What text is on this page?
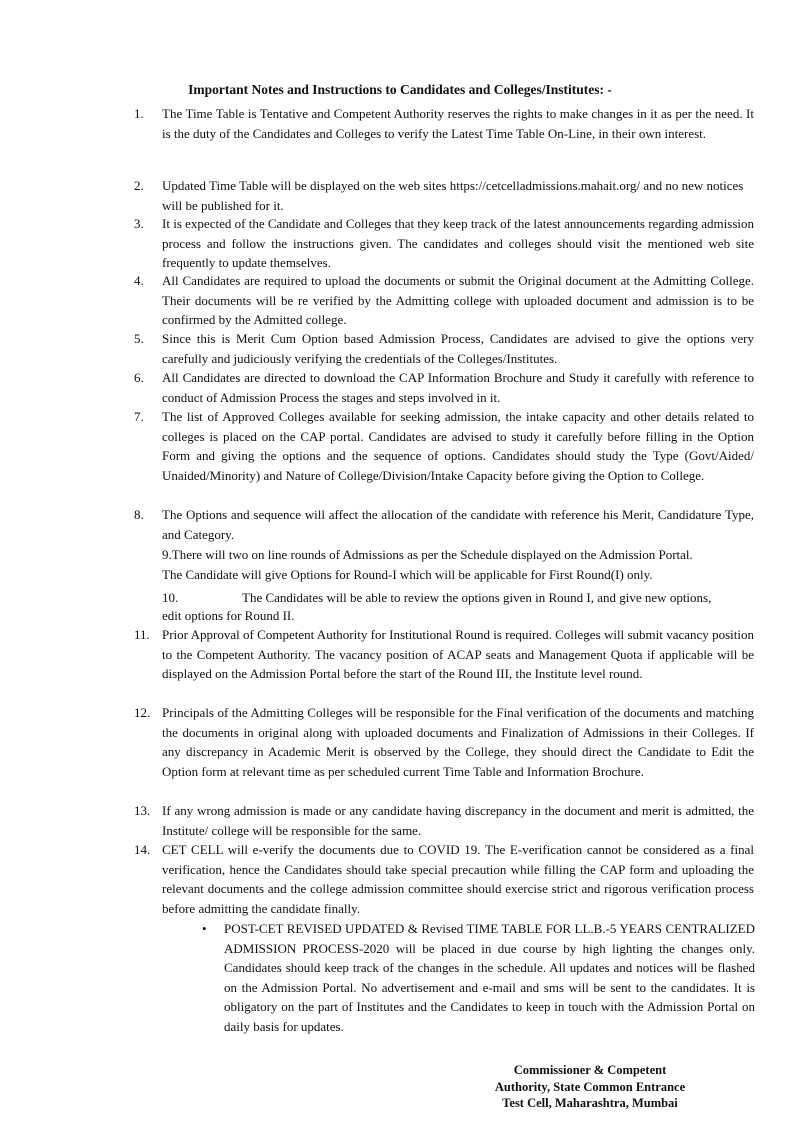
Important Notes and Instructions to Candidates and Colleges/Institutes: -
1.	The Time Table is Tentative and Competent Authority reserves the rights to make changes in it as per the need. It is the duty of the Candidates and Colleges to verify the Latest Time Table On-Line, in their own interest.
2.	Updated Time Table will be displayed on the web sites https://cetcelladmissions.mahait.org/ and no new notices will be published for it.
3.	It is expected of the Candidate and Colleges that they keep track of the latest announcements regarding admission process and follow the instructions given. The candidates and colleges should visit the mentioned web site frequently to update themselves.
4.	All Candidates are required to upload the documents or submit the Original document at the Admitting College. Their documents will be re verified by the Admitting college with uploaded document and admission is to be confirmed by the Admitted college.
5.	Since this is Merit Cum Option based Admission Process, Candidates are advised to give the options very carefully and judiciously verifying the credentials of the Colleges/Institutes.
6.	All Candidates are directed to download the CAP Information Brochure and Study it carefully with reference to conduct of Admission Process the stages and steps involved in it.
7.	The list of Approved Colleges available for seeking admission, the intake capacity and other details related to colleges is placed on the CAP portal. Candidates are advised to study it carefully before filling in the Option Form and giving the options and the sequence of options. Candidates should study the Type (Govt/Aided/ Unaided/Minority) and Nature of College/Division/Intake Capacity before giving the Option to College.
8.	The Options and sequence will affect the allocation of the candidate with reference his Merit, Candidature Type, and Category.
9.There will two on line rounds of Admissions as per the Schedule displayed on the Admission Portal.
The Candidate will give Options for Round-I which will be applicable for First Round(I) only.
10.	The Candidates will be able to review the options given in Round I, and give new options,
edit options for Round II.
11. Prior Approval of Competent Authority for Institutional Round is required. Colleges will submit vacancy position to the Competent Authority. The vacancy position of ACAP seats and Management Quota if applicable will be displayed on the Admission Portal before the start of the Round III, the Institute level round.
12. Principals of the Admitting Colleges will be responsible for the Final verification of the documents and matching the documents in original along with uploaded documents and Finalization of Admissions in their Colleges. If any discrepancy in Academic Merit is observed by the College, they should direct the Candidate to Edit the Option form at relevant time as per scheduled current Time Table and Information Brochure.
13. If any wrong admission is made or any candidate having discrepancy in the document and merit is admitted, the Institute/ college will be responsible for the same.
14. CET CELL will e-verify the documents due to COVID 19. The E-verification cannot be considered as a final verification, hence the Candidates should take special precaution while filling the CAP form and uploading the relevant documents and the college admission committee should exercise strict and rigorous verification process before admitting the candidate finally.
• POST-CET REVISED UPDATED & Revised TIME TABLE FOR LL.B.-5 YEARS CENTRALIZED ADMISSION PROCESS-2020 will be placed in due course by high lighting the changes only. Candidates should keep track of the changes in the schedule. All updates and notices will be flashed on the Admission Portal. No advertisement and e-mail and sms will be sent to the candidates. It is obligatory on the part of Institutes and the Candidates to keep in touch with the Admission Portal on daily basis for updates.
Commissioner & Competent
Authority, State Common Entrance
Test Cell, Maharashtra, Mumbai
